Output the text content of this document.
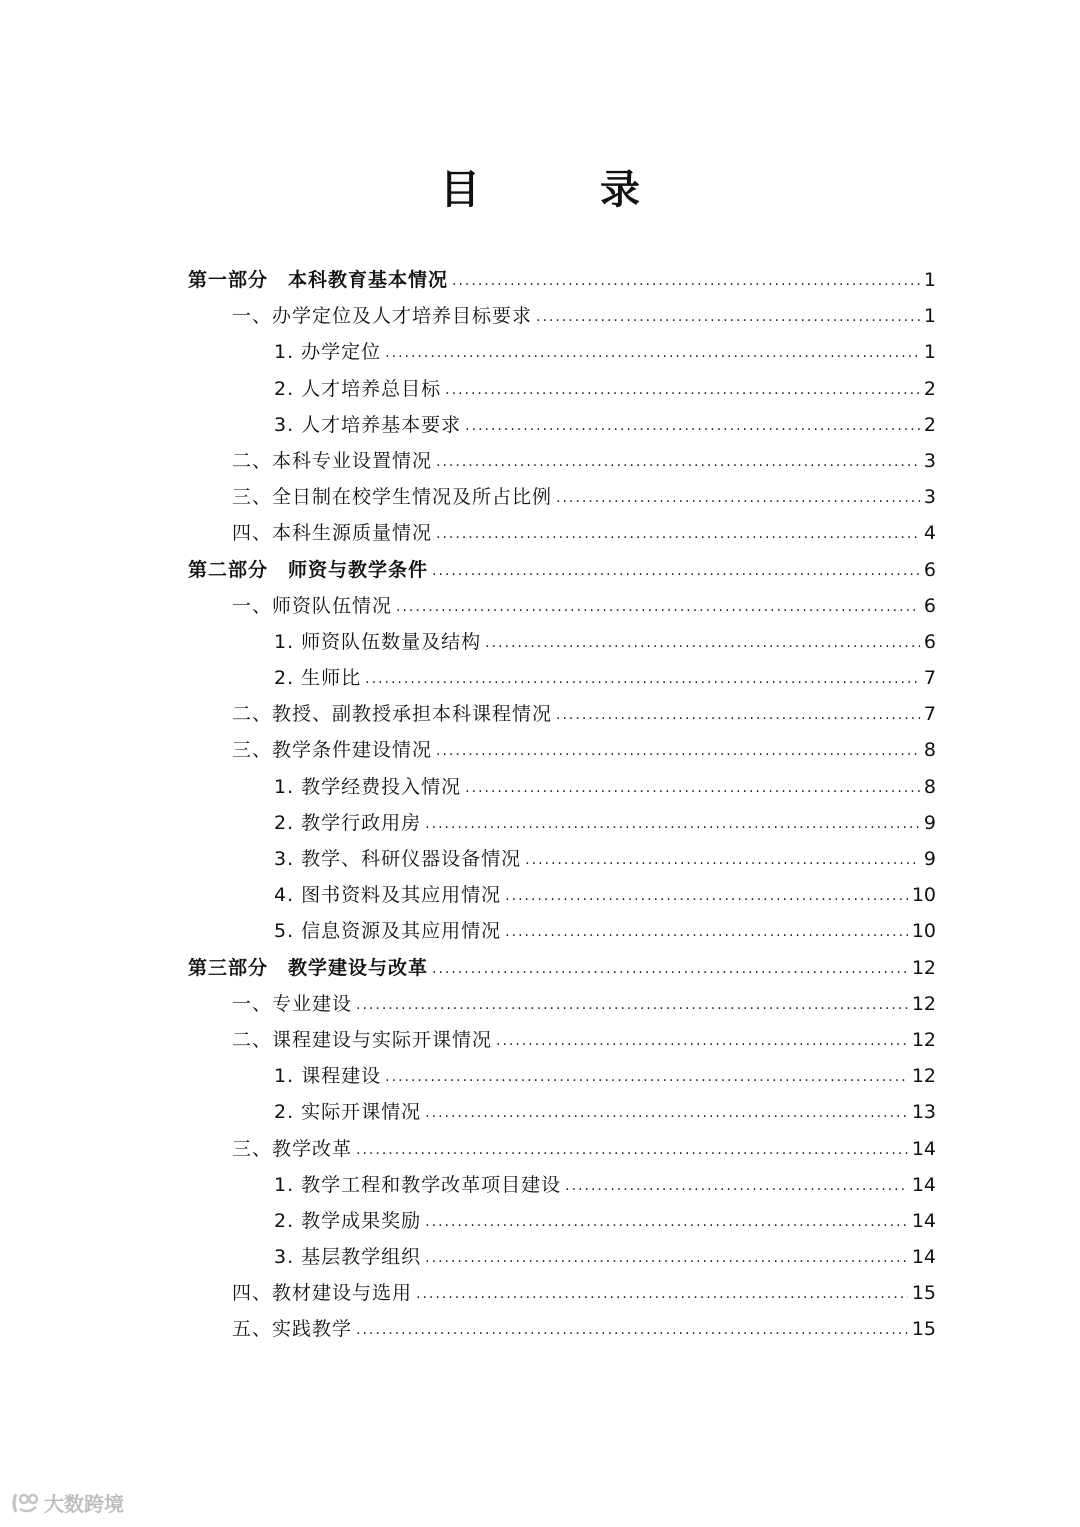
目　录
第一部分　本科教育基本情况 .....	1
一、办学定位及人才培养目标要求 .....	1
1. 办学定位 .....	1
2. 人才培养总目标 .....	2
3. 人才培养基本要求 .....	2
二、本科专业设置情况 .....	3
三、全日制在校学生情况及所占比例 .....	3
四、本科生源质量情况 .....	4
第二部分　师资与教学条件 .....	6
一、师资队伍情况 .....	6
1. 师资队伍数量及结构 .....	6
2. 生师比 .....	7
二、教授、副教授承担本科课程情况 .....	7
三、教学条件建设情况 .....	8
1. 教学经费投入情况 .....	8
2. 教学行政用房 .....	9
3. 教学、科研仪器设备情况 .....	9
4. 图书资料及其应用情况 .....	10
5. 信息资源及其应用情况 .....	10
第三部分　教学建设与改革 .....	12
一、专业建设 .....	12
二、课程建设与实际开课情况 .....	12
1. 课程建设 .....	12
2. 实际开课情况 .....	13
三、教学改革 .....	14
1. 教学工程和教学改革项目建设 .....	14
2. 教学成果奖励 .....	14
3. 基层教学组织 .....	14
四、教材建设与选用 .....	15
五、实践教学 .....	15
大数跨境
